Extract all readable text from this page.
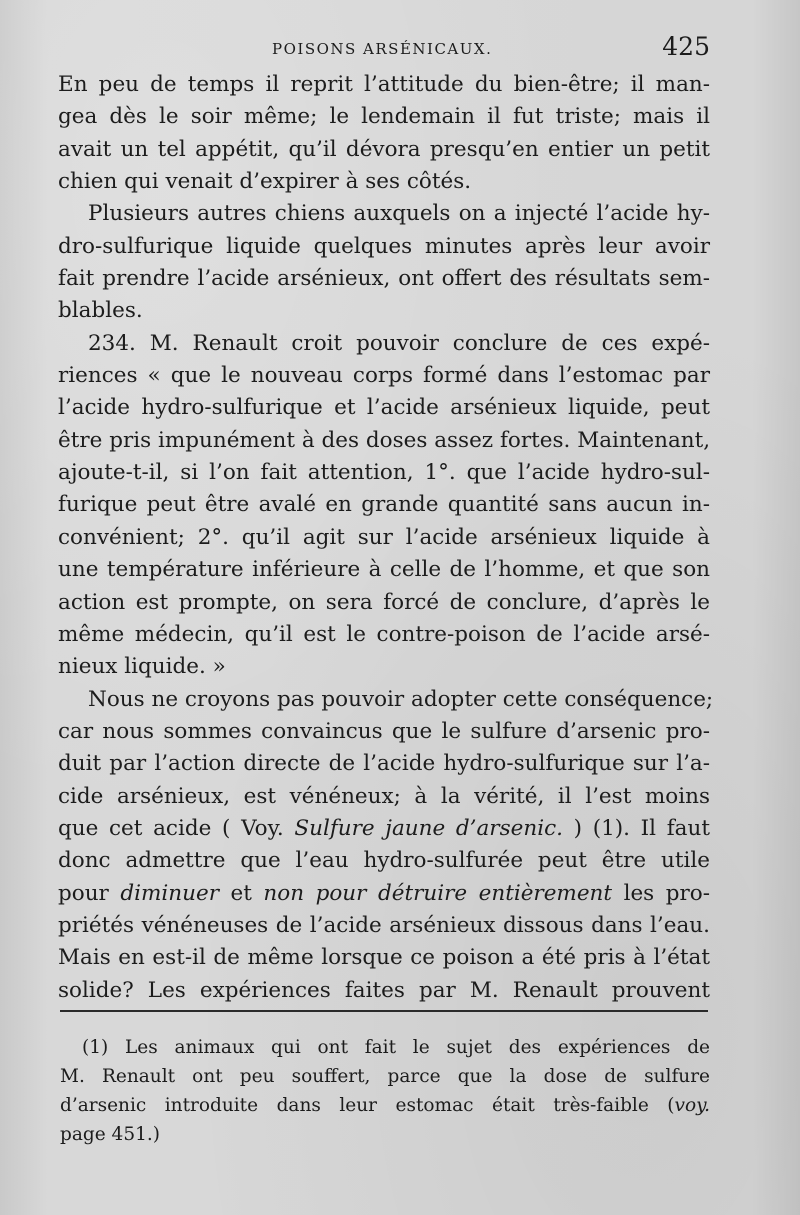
POISONS ARSÉNICAUX.	425
En peu de temps il reprit l’attitude du bien-être; il man-
gea dès le soir même; le lendemain il fut triste; mais il
avait un tel appétit, qu’il dévora presqu’en entier un petit
chien qui venait d’expirer à ses côtés.
Plusieurs autres chiens auxquels on a injecté l’acide hy-
dro-sulfurique liquide quelques minutes après leur avoir
fait prendre l’acide arsénieux, ont offert des résultats sem-
blables.
234. M. Renault croit pouvoir conclure de ces expé-
riences « que le nouveau corps formé dans l’estomac par
l’acide hydro-sulfurique et l’acide arsénieux liquide, peut
être pris impunément à des doses assez fortes. Maintenant,
ajoute-t-il, si l’on fait attention, 1°. que l’acide hydro-sul-
furique peut être avalé en grande quantité sans aucun in-
convénient; 2°. qu’il agit sur l’acide arsénieux liquide à
une température inférieure à celle de l’homme, et que son
action est prompte, on sera forcé de conclure, d’après le
même médecin, qu’il est le contre-poison de l’acide arsé-
nieux liquide. »
Nous ne croyons pas pouvoir adopter cette conséquence;
car nous sommes convaincus que le sulfure d’arsenic pro-
duit par l’action directe de l’acide hydro-sulfurique sur l’a-
cide arsénieux, est vénéneux; à la vérité, il l’est moins
que cet acide ( Voy. Sulfure jaune d’arsenic. ) (1). Il faut
donc admettre que l’eau hydro-sulfurée peut être utile
pour diminuer et non pour détruire entièrement les pro-
priétés vénéneuses de l’acide arsénieux dissous dans l’eau.
Mais en est-il de même lorsque ce poison a été pris à l’état
solide? Les expériences faites par M. Renault prouvent
(1) Les animaux qui ont fait le sujet des expériences de
M. Renault ont peu souffert, parce que la dose de sulfure
d’arsenic introduite dans leur estomac était très-faible (voy.
page 451.)
